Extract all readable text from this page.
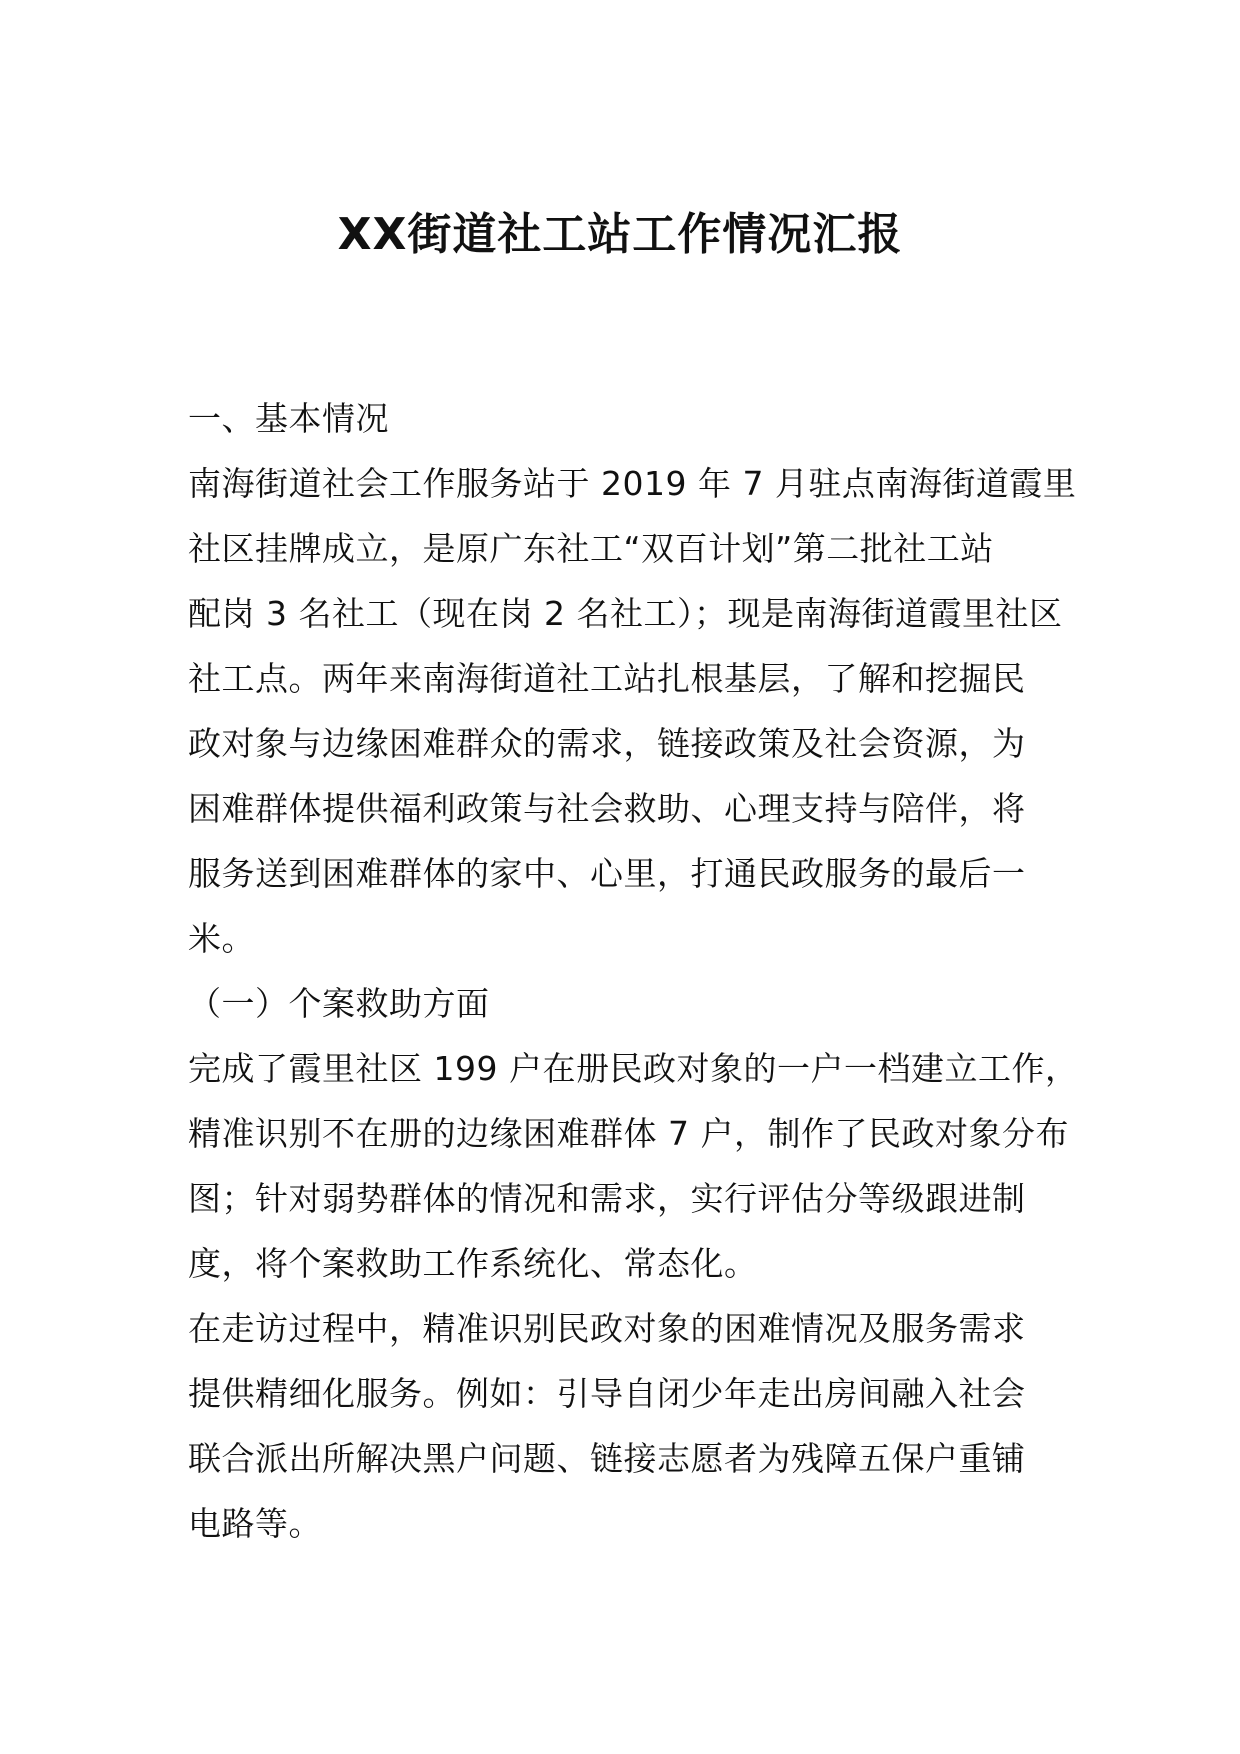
XX街道社工站工作情况汇报
一、基本情况
南海街道社会工作服务站于 2019 年 7 月驻点南海街道霞里
社区挂牌成立，是原广东社工“双百计划”第二批社工站
配岗 3 名社工（现在岗 2 名社工）；现是南海街道霞里社区
社工点。两年来南海街道社工站扎根基层，了解和挖掘民
政对象与边缘困难群众的需求，链接政策及社会资源，为
困难群体提供福利政策与社会救助、心理支持与陪伴，将
服务送到困难群体的家中、心里，打通民政服务的最后一
米。
（一）个案救助方面
完成了霞里社区 199 户在册民政对象的一户一档建立工作，
精准识别不在册的边缘困难群体 7 户，制作了民政对象分布
图；针对弱势群体的情况和需求，实行评估分等级跟进制
度，将个案救助工作系统化、常态化。
在走访过程中，精准识别民政对象的困难情况及服务需求
提供精细化服务。例如：引导自闭少年走出房间融入社会
联合派出所解决黑户问题、链接志愿者为残障五保户重铺
电路等。
